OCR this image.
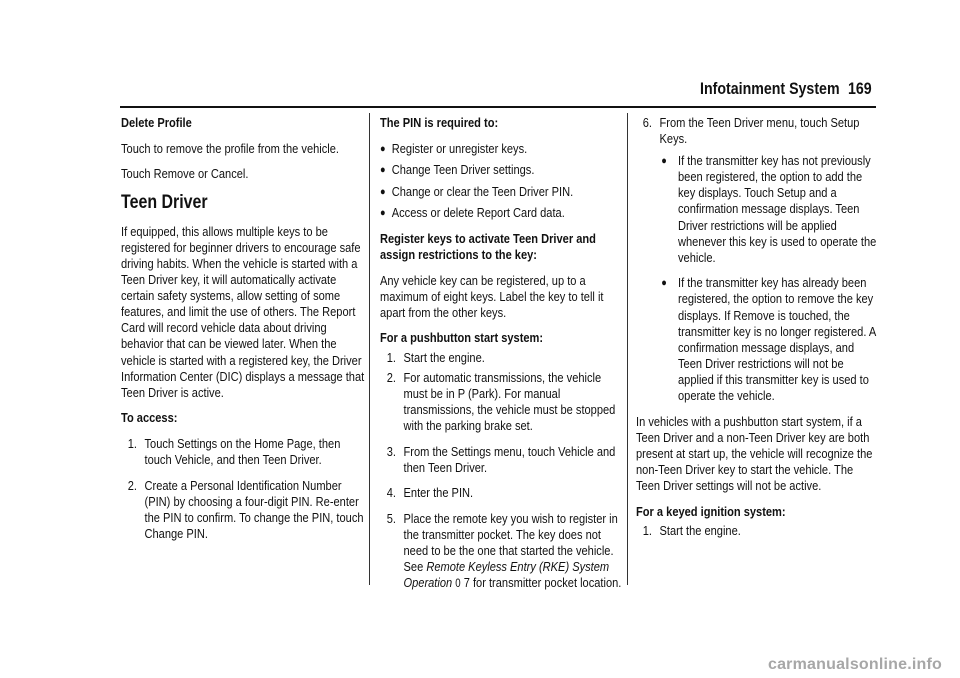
Infotainment System 169

Delete Profile

Touch to remove the profile from the vehicle.

Touch Remove or Cancel.

Teen Driver

If equipped, this allows multiple keys to be registered for beginner drivers to encourage safe driving habits. When the vehicle is started with a Teen Driver key, it will automatically activate certain safety systems, allow setting of some features, and limit the use of others. The Report Card will record vehicle data about driving behavior that can be viewed later. When the vehicle is started with a registered key, the Driver Information Center (DIC) displays a message that Teen Driver is active.

To access:

1. Touch Settings on the Home Page, then touch Vehicle, and then Teen Driver.
2. Create a Personal Identification Number (PIN) by choosing a four-digit PIN. Re-enter the PIN to confirm. To change the PIN, touch Change PIN.

The PIN is required to:

● Register or unregister keys.
● Change Teen Driver settings.
● Change or clear the Teen Driver PIN.
● Access or delete Report Card data.

Register keys to activate Teen Driver and assign restrictions to the key:

Any vehicle key can be registered, up to a maximum of eight keys. Label the key to tell it apart from the other keys.

For a pushbutton start system:

1. Start the engine.
2. For automatic transmissions, the vehicle must be in P (Park). For manual transmissions, the vehicle must be stopped with the parking brake set.
3. From the Settings menu, touch Vehicle and then Teen Driver.
4. Enter the PIN.
5. Place the remote key you wish to register in the transmitter pocket. The key does not need to be the one that started the vehicle. See Remote Keyless Entry (RKE) System Operation 0 7 for transmitter pocket location.
6. From the Teen Driver menu, touch Setup Keys.
● If the transmitter key has not previously been registered, the option to add the key displays. Touch Setup and a confirmation message displays. Teen Driver restrictions will be applied whenever this key is used to operate the vehicle.
● If the transmitter key has already been registered, the option to remove the key displays. If Remove is touched, the transmitter key is no longer registered. A confirmation message displays, and Teen Driver restrictions will not be applied if this transmitter key is used to operate the vehicle.

In vehicles with a pushbutton start system, if a Teen Driver and a non-Teen Driver key are both present at start up, the vehicle will recognize the non-Teen Driver key to start the vehicle. The Teen Driver settings will not be active.

For a keyed ignition system:

1. Start the engine.
carmanualsonline.info
